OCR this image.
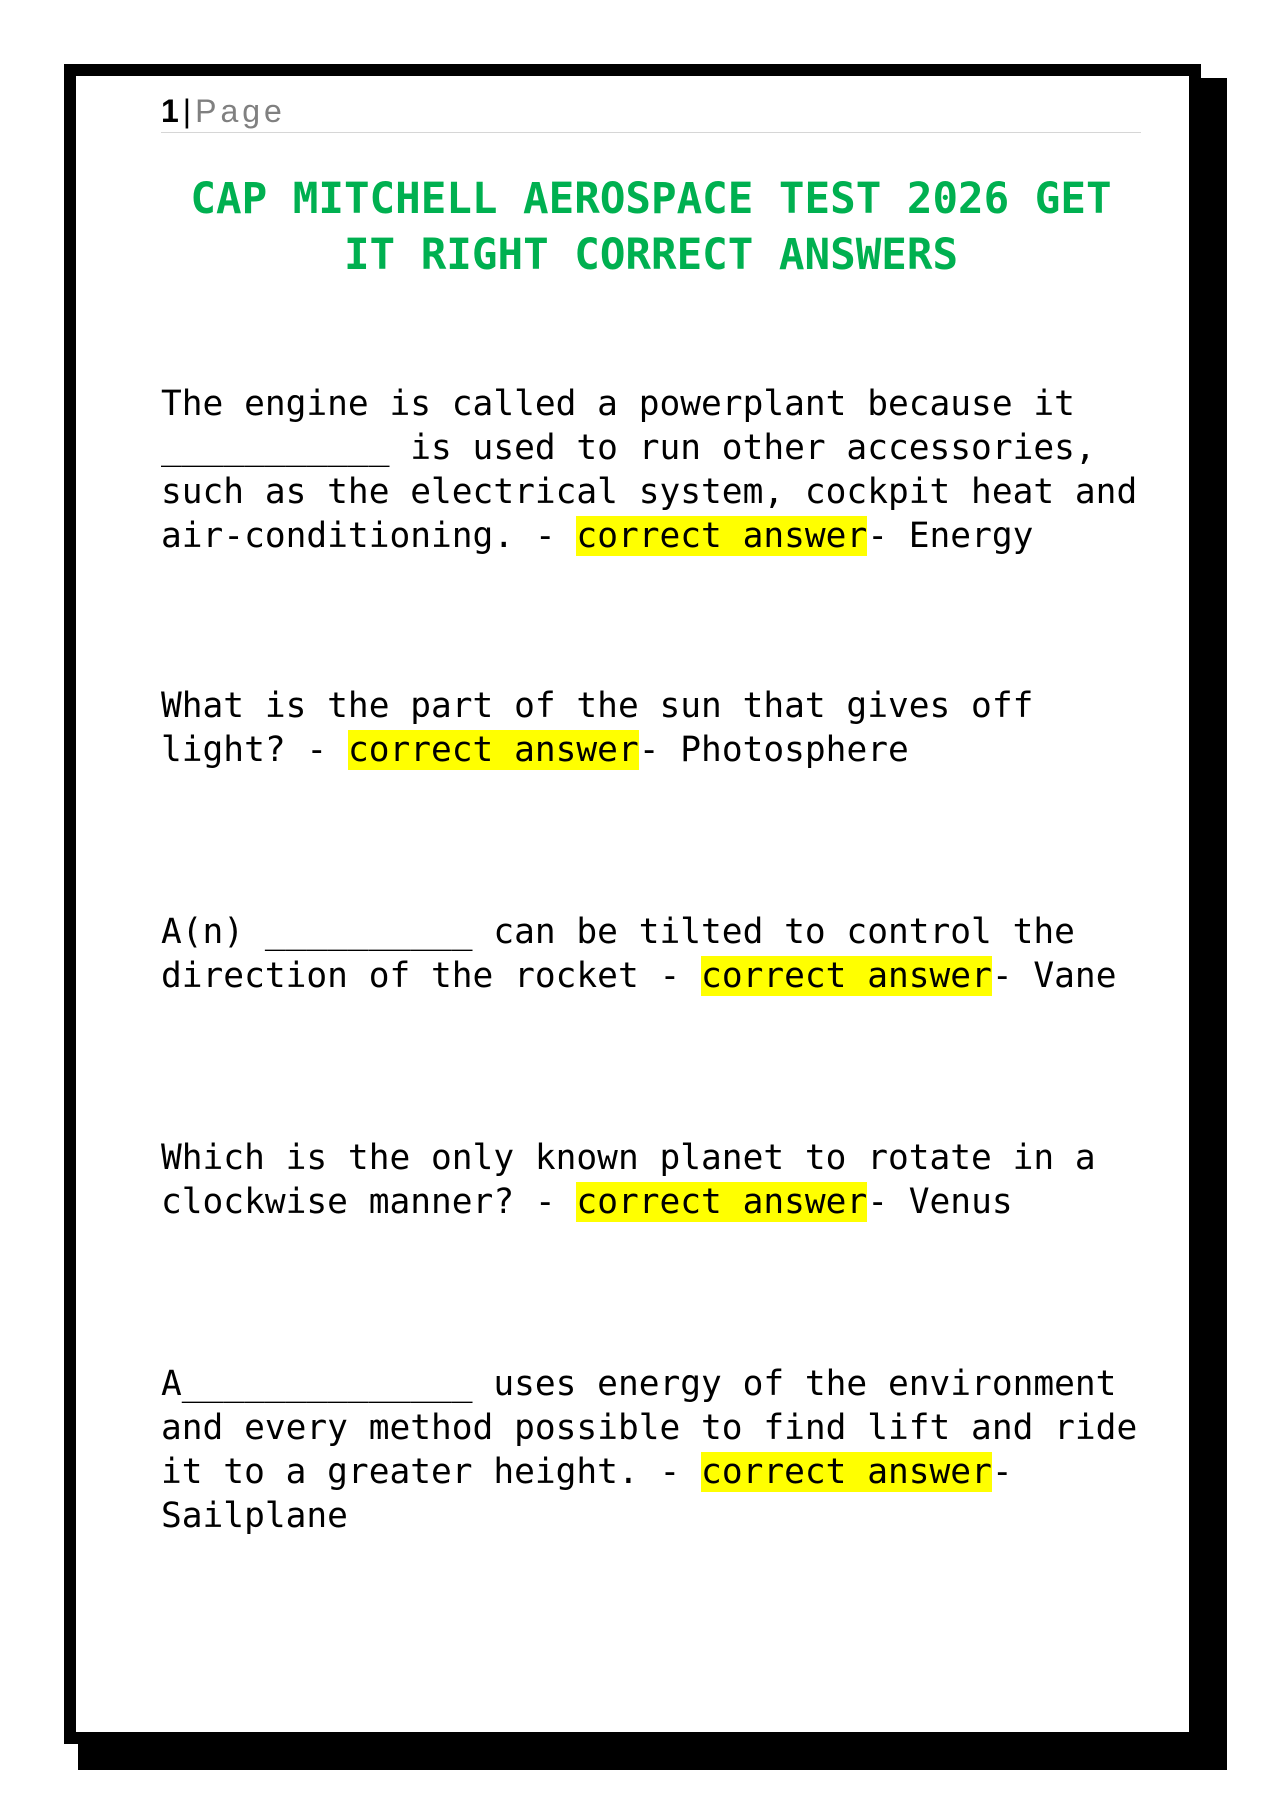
1 | Page
CAP MITCHELL AEROSPACE TEST 2026 GET IT RIGHT CORRECT ANSWERS

The engine is called a powerplant because it ___________ is used to run other accessories, such as the electrical system, cockpit heat and air-conditioning. - correct answer- Energy

What is the part of the sun that gives off light? - correct answer- Photosphere

A(n) __________ can be tilted to control the direction of the rocket - correct answer- Vane

Which is the only known planet to rotate in a clockwise manner? - correct answer- Venus

A______________ uses energy of the environment and every method possible to find lift and ride it to a greater height. - correct answer- Sailplane
